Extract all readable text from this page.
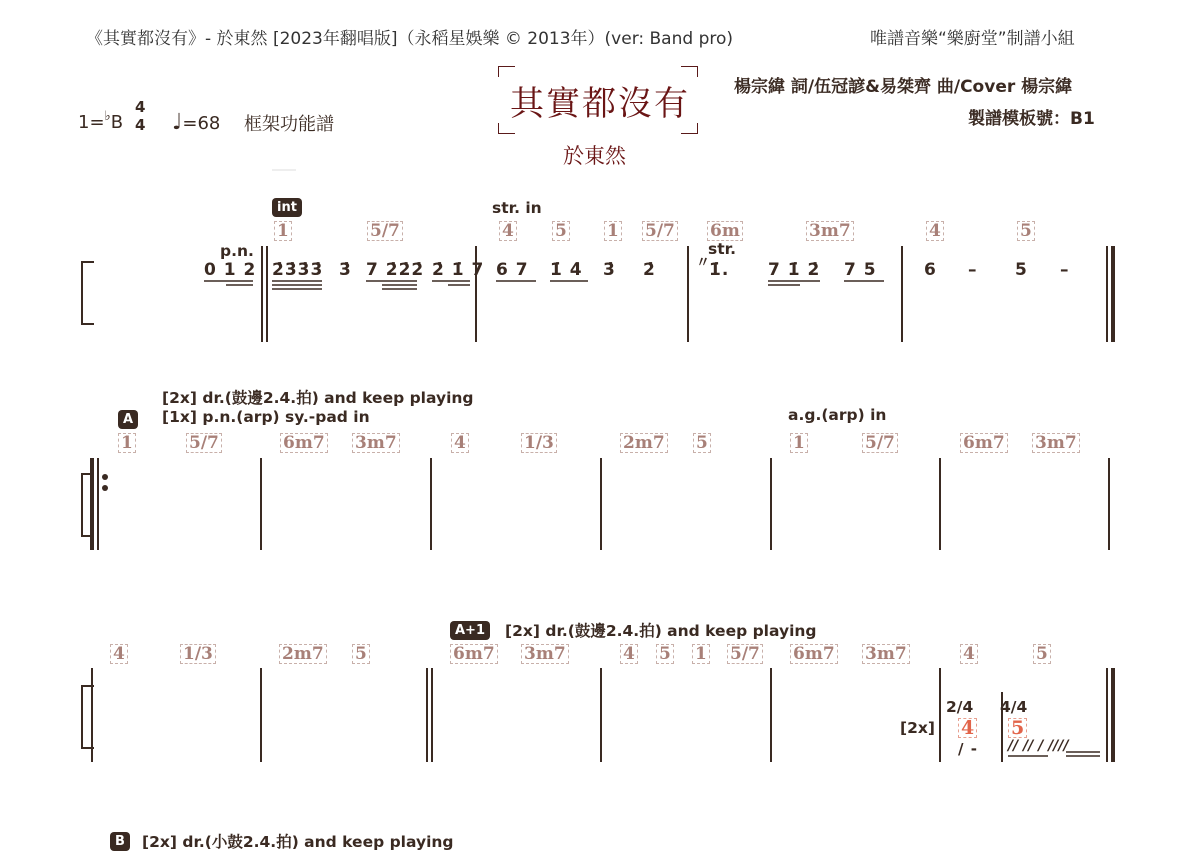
《其實都沒有》- 於東然 [2023年翻唱版]（永稻星娛樂 © 2013年）(ver: Band pro)	唯譜音樂“樂廚堂”制譜小組
其實都沒有
於東然
楊宗緯 詞/伍冠諺&易桀齊 曲/Cover 楊宗緯
製譜模板號：B1
1=♭B
4
4 ♩=68 框架功能譜
int	str. in
p.n.	str.
〃
1	5/7	4 5 1 5/7 6m	3m7	4	5
0 1 2 2̇3̇3̇3̇ 3̇ 7 2̇2̇2̇ 2̇ 1̇ 7 6 7 1̇ 4̇ 3̇ 2̇	1̇. 7 1̇ 2̇ 7 5	6 – 5 –
[2x] dr.(鼓邊2.4.拍) and keep playing
A	[1x] p.n.(arp) sy.-pad in	a.g.(arp) in
1	5/7	6m7 3m7	4	1/3	2m7 5	1	5/7	6m7 3m7
A+1	[2x] dr.(鼓邊2.4.拍) and keep playing
4	1/3	2m7 5	6m7 3m7	4 5 1 5/7 6m7 3m7	4	5
2/4 4/4
[2x] 4 5
/ - // // / ////
B	[2x] dr.(小鼓2.4.拍) and keep playing
